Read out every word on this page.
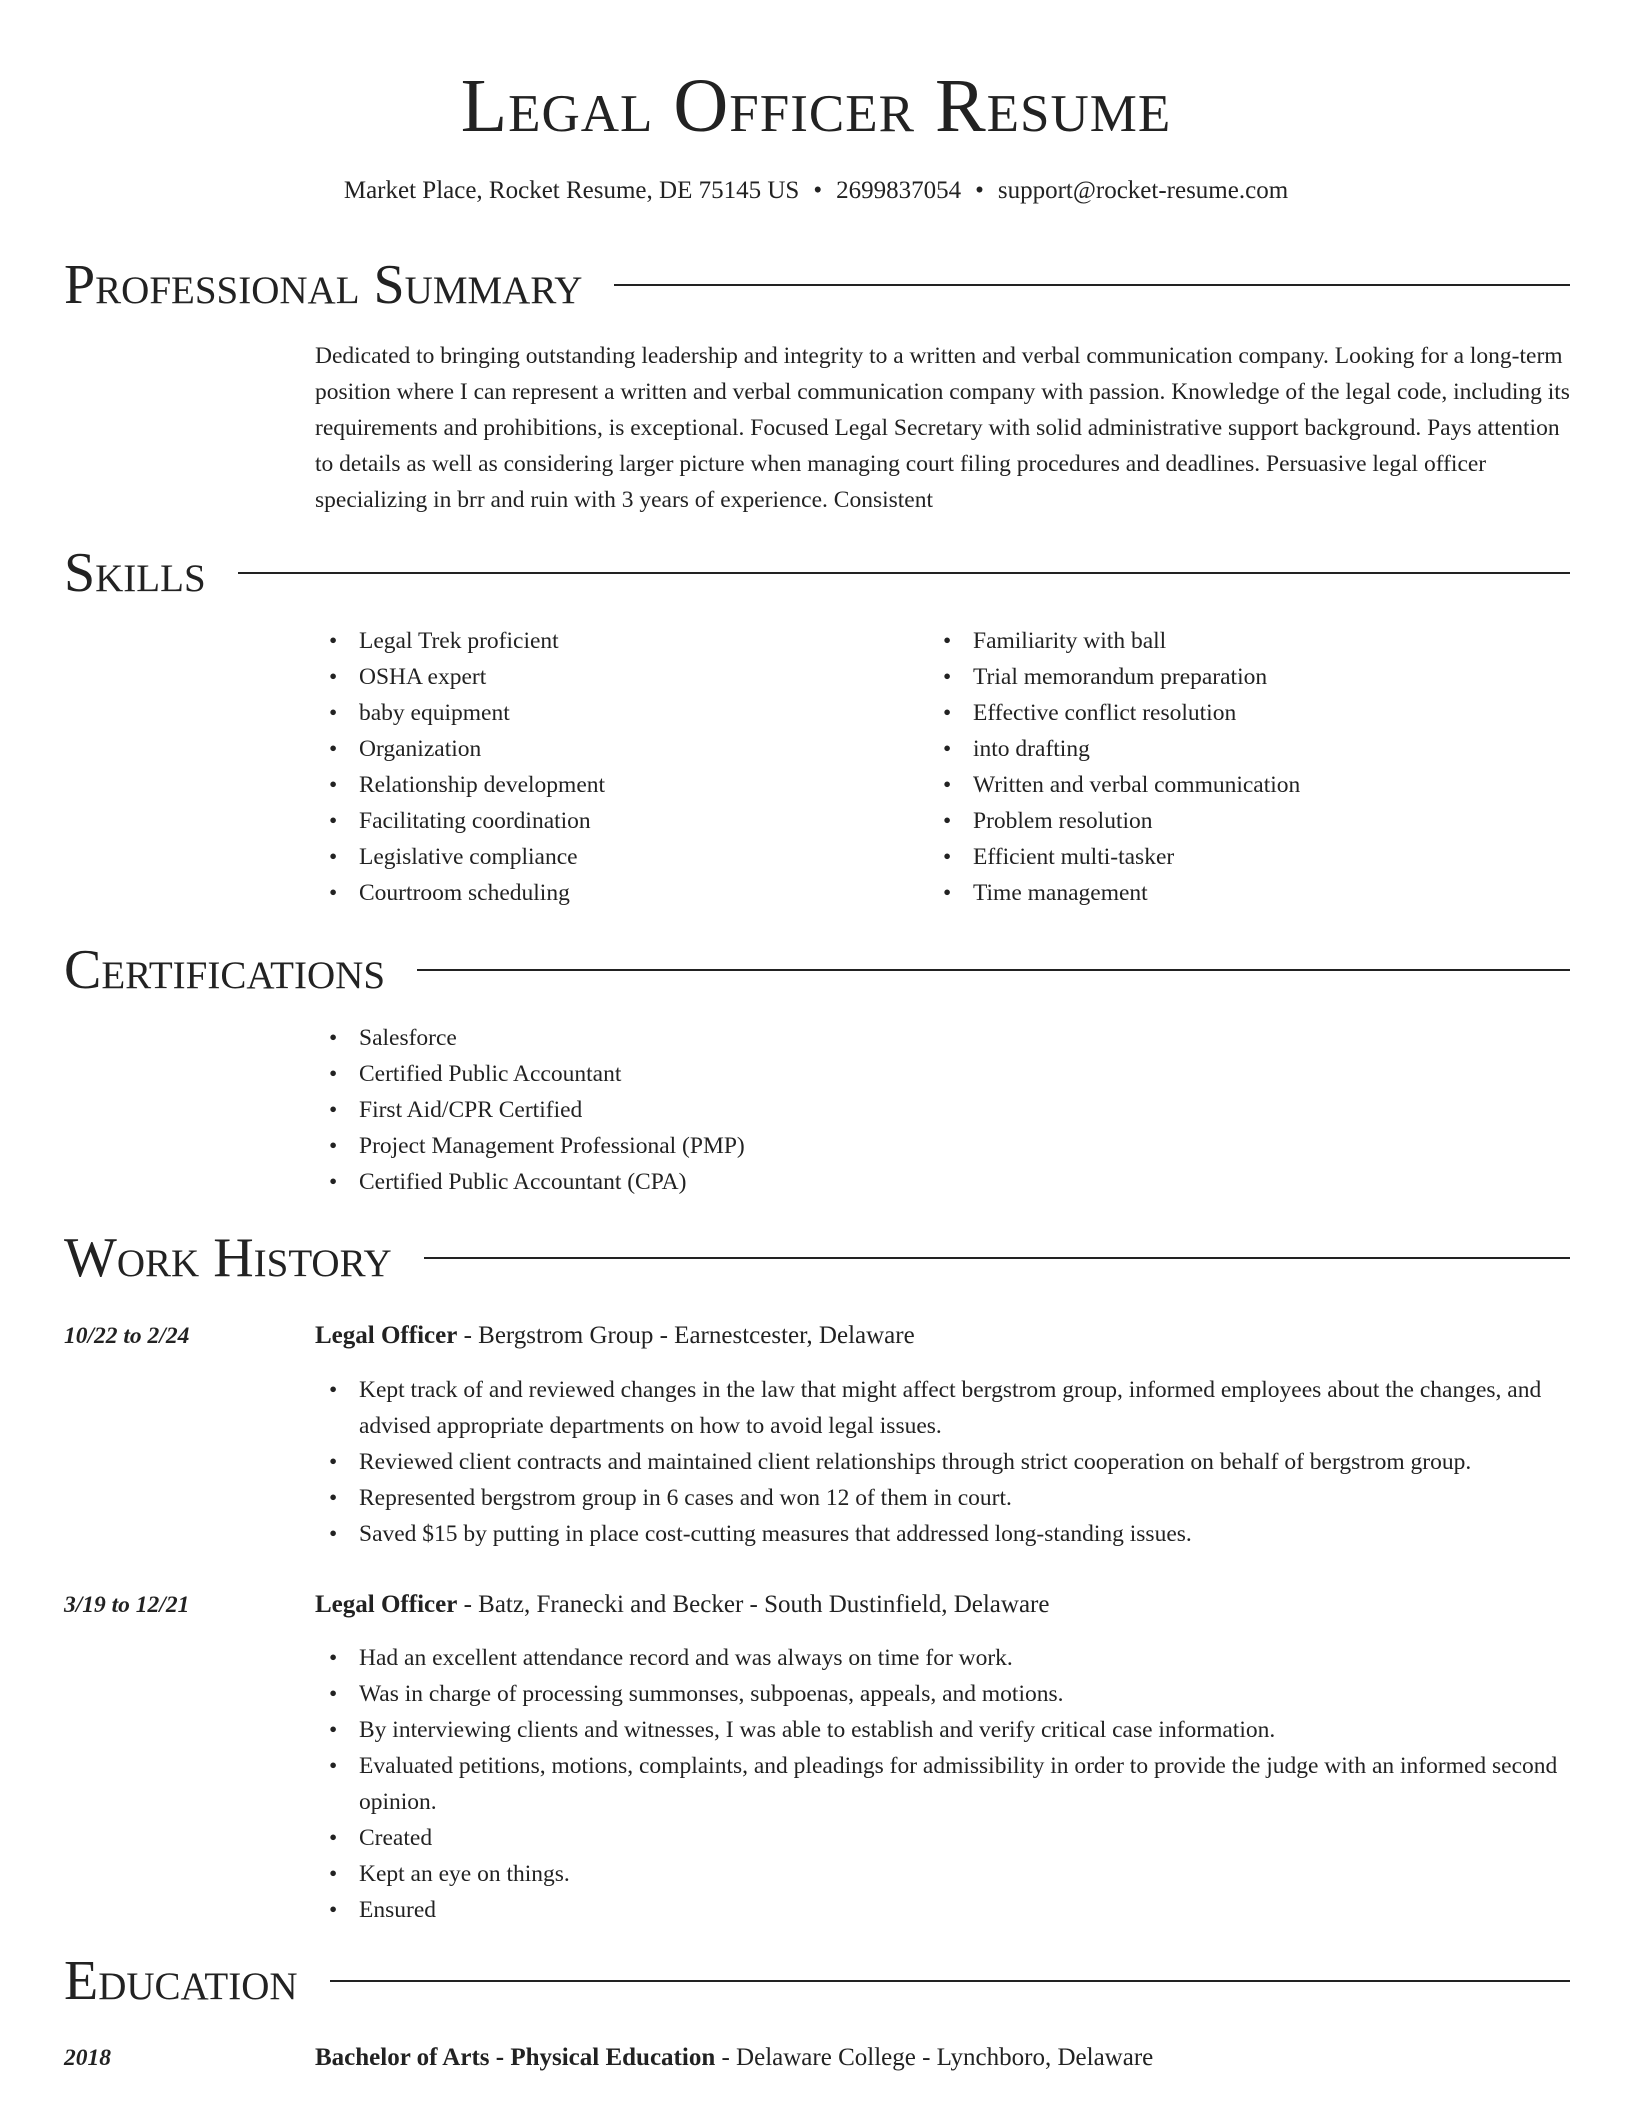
Legal Officer Resume
Market Place, Rocket Resume, DE 75145 US • 2699837054 • support@rocket-resume.com
Professional Summary

Dedicated to bringing outstanding leadership and integrity to a written and verbal communication company. Looking for a long-term position where I can represent a written and verbal communication company with passion. Knowledge of the legal code, including its requirements and prohibitions, is exceptional. Focused Legal Secretary with solid administrative support background. Pays attention to details as well as considering larger picture when managing court filing procedures and deadlines. Persuasive legal officer specializing in brr and ruin with 3 years of experience. Consistent

Skills
• Legal Trek proficient
• OSHA expert
• baby equipment
• Organization
• Relationship development
• Facilitating coordination
• Legislative compliance
• Courtroom scheduling
• Familiarity with ball
• Trial memorandum preparation
• Effective conflict resolution
• into drafting
• Written and verbal communication
• Problem resolution
• Efficient multi-tasker
• Time management
Certifications
• Salesforce
• Certified Public Accountant
• First Aid/CPR Certified
• Project Management Professional (PMP)
• Certified Public Accountant (CPA)
Work History
10/22 to 2/24	Legal Officer - Bergstrom Group - Earnestcester, Delaware
• Kept track of and reviewed changes in the law that might affect bergstrom group, informed employees about the changes, and advised appropriate departments on how to avoid legal issues.
• Reviewed client contracts and maintained client relationships through strict cooperation on behalf of bergstrom group.
• Represented bergstrom group in 6 cases and won 12 of them in court.
• Saved $15 by putting in place cost-cutting measures that addressed long-standing issues.
3/19 to 12/21	Legal Officer - Batz, Franecki and Becker - South Dustinfield, Delaware
• Had an excellent attendance record and was always on time for work.
• Was in charge of processing summonses, subpoenas, appeals, and motions.
• By interviewing clients and witnesses, I was able to establish and verify critical case information.
• Evaluated petitions, motions, complaints, and pleadings for admissibility in order to provide the judge with an informed second opinion.
• Created
• Kept an eye on things.
• Ensured
Education
2018	Bachelor of Arts - Physical Education - Delaware College - Lynchboro, Delaware
